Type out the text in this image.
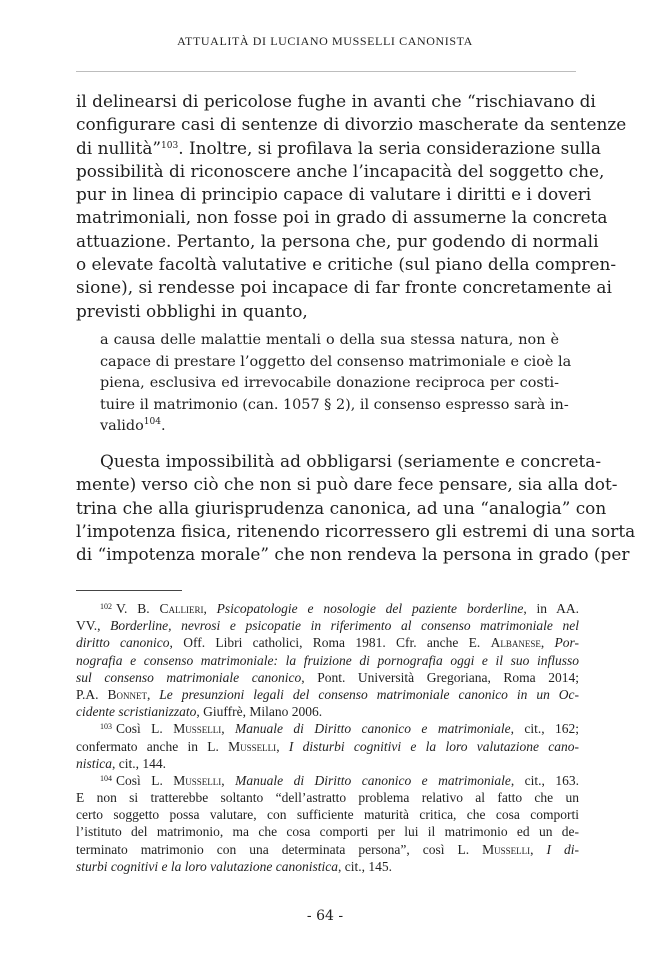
ATTUALITÀ DI LUCIANO MUSSELLI CANONISTA
il delinearsi di pericolose fughe in avanti che “rischiavano di
configurare casi di sentenze di divorzio mascherate da sentenze
di nullità”$^{103}$. Inoltre, si profilava la seria considerazione sulla
possibilità di riconoscere anche l’incapacità del soggetto che,
pur in linea di principio capace di valutare i diritti e i doveri
matrimoniali, non fosse poi in grado di assumerne la concreta
attuazione. Pertanto, la persona che, pur godendo di normali
o elevate facoltà valutative e critiche (sul piano della compren-
sione), si rendesse poi incapace di far fronte concretamente ai
previsti obblighi in quanto,
a causa delle malattie mentali o della sua stessa natura, non è
capace di prestare l’oggetto del consenso matrimoniale e cioè la
piena, esclusiva ed irrevocabile donazione reciproca per costi-
tuire il matrimonio (can. 1057 § 2), il consenso espresso sarà in-
valido$^{104}$.
Questa impossibilità ad obbligarsi (seriamente e concreta-
mente) verso ciò che non si può dare fece pensare, sia alla dot-
trina che alla giurisprudenza canonica, ad una “analogia” con
l’impotenza fisica, ritenendo ricorressero gli estremi di una sorta
di “impotenza morale” che non rendeva la persona in grado (per
$^{102}$ V. B. Callieri, Psicopatologie e nosologie del paziente borderline, in AA.
VV., Borderline, nevrosi e psicopatie in riferimento al consenso matrimoniale nel
diritto canonico, Off. Libri catholici, Roma 1981. Cfr. anche E. Albanese, Por-
nografia e consenso matrimoniale: la fruizione di pornografia oggi e il suo influsso
sul consenso matrimoniale canonico, Pont. Università Gregoriana, Roma 2014;
P.A. Bonnet, Le presunzioni legali del consenso matrimoniale canonico in un Oc-
cidente scristianizzato, Giuffrè, Milano 2006.
$^{103}$ Così L. Musselli, Manuale di Diritto canonico e matrimoniale, cit., 162;
confermato anche in L. Musselli, I disturbi cognitivi e la loro valutazione cano-
nistica, cit., 144.
$^{104}$ Così L. Musselli, Manuale di Diritto canonico e matrimoniale, cit., 163.
E non si tratterebbe soltanto “dell’astratto problema relativo al fatto che un
certo soggetto possa valutare, con sufficiente maturità critica, che cosa comporti
l’istituto del matrimonio, ma che cosa comporti per lui il matrimonio ed un de-
terminato matrimonio con una determinata persona”, così L. Musselli, I di-
sturbi cognitivi e la loro valutazione canonistica, cit., 145.
- 64 -
